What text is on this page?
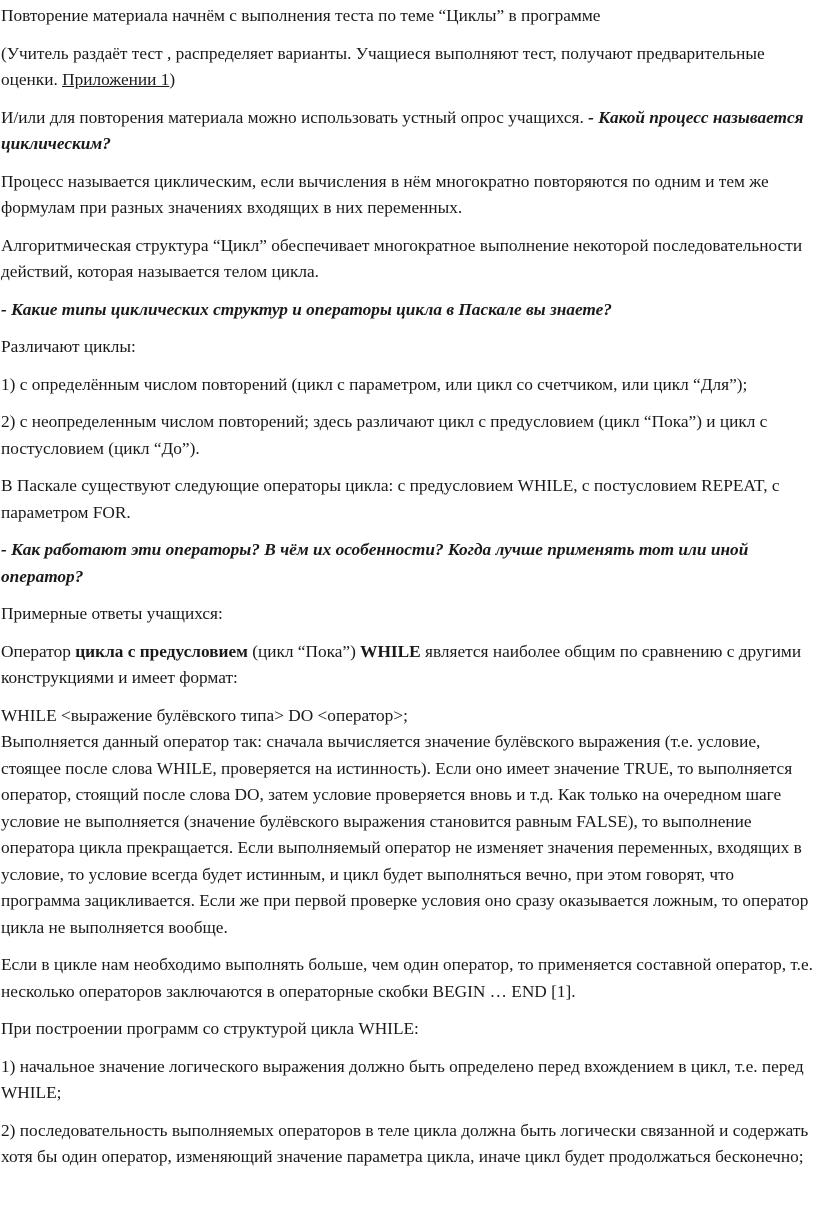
Повторение материала начнём с выполнения теста по теме “Циклы” в программе

(Учитель раздаёт тест , распределяет варианты. Учащиеся выполняют тест, получают предварительные оценки. Приложении 1)

И/или для повторения материала можно использовать устный опрос учащихся. - Какой процесс называется циклическим?

Процесс называется циклическим, если вычисления в нём многократно повторяются по одним и тем же формулам при разных значениях входящих в них переменных.

Алгоритмическая структура “Цикл” обеспечивает многократное выполнение некоторой последовательности действий, которая называется телом цикла.

- Какие типы циклических структур и операторы цикла в Паскале вы знаете?

Различают циклы:

1) с определённым числом повторений (цикл с параметром, или цикл со счетчиком, или цикл “Для”);

2) с неопределенным числом повторений; здесь различают цикл с предусловием (цикл “Пока”) и цикл с постусловием (цикл “До”).

В Паскале существуют следующие операторы цикла: с предусловием WHILE, с постусловием REPEAT, с параметром FOR.

- Как работают эти операторы? В чём их особенности? Когда лучше применять тот или иной оператор?

Примерные ответы учащихся:

Оператор цикла с предусловием (цикл “Пока”) WHILE является наиболее общим по сравнению с другими конструкциями и имеет формат:

WHILE <выражение булёвского типа> DO <оператор>;
Выполняется данный оператор так: сначала вычисляется значение булёвского выражения (т.е. условие, стоящее после слова WHILE, проверяется на истинность). Если оно имеет значение TRUE, то выполняется оператор, стоящий после слова DO, затем условие проверяется вновь и т.д. Как только на очередном шаге условие не выполняется (значение булёвского выражения становится равным FALSE), то выполнение оператора цикла прекращается. Если выполняемый оператор не изменяет значения переменных, входящих в условие, то условие всегда будет истинным, и цикл будет выполняться вечно, при этом говорят, что программа зацикливается. Если же при первой проверке условия оно сразу оказывается ложным, то оператор цикла не выполняется вообще.

Если в цикле нам необходимо выполнять больше, чем один оператор, то применяется составной оператор, т.е. несколько операторов заключаются в операторные скобки BEGIN … END [1].

При построении программ со структурой цикла WHILE:

1) начальное значение логического выражения должно быть определено перед вхождением в цикл, т.е. перед WHILE;

2) последовательность выполняемых операторов в теле цикла должна быть логически связанной и содержать хотя бы один оператор, изменяющий значение параметра цикла, иначе цикл будет продолжаться бесконечно;
